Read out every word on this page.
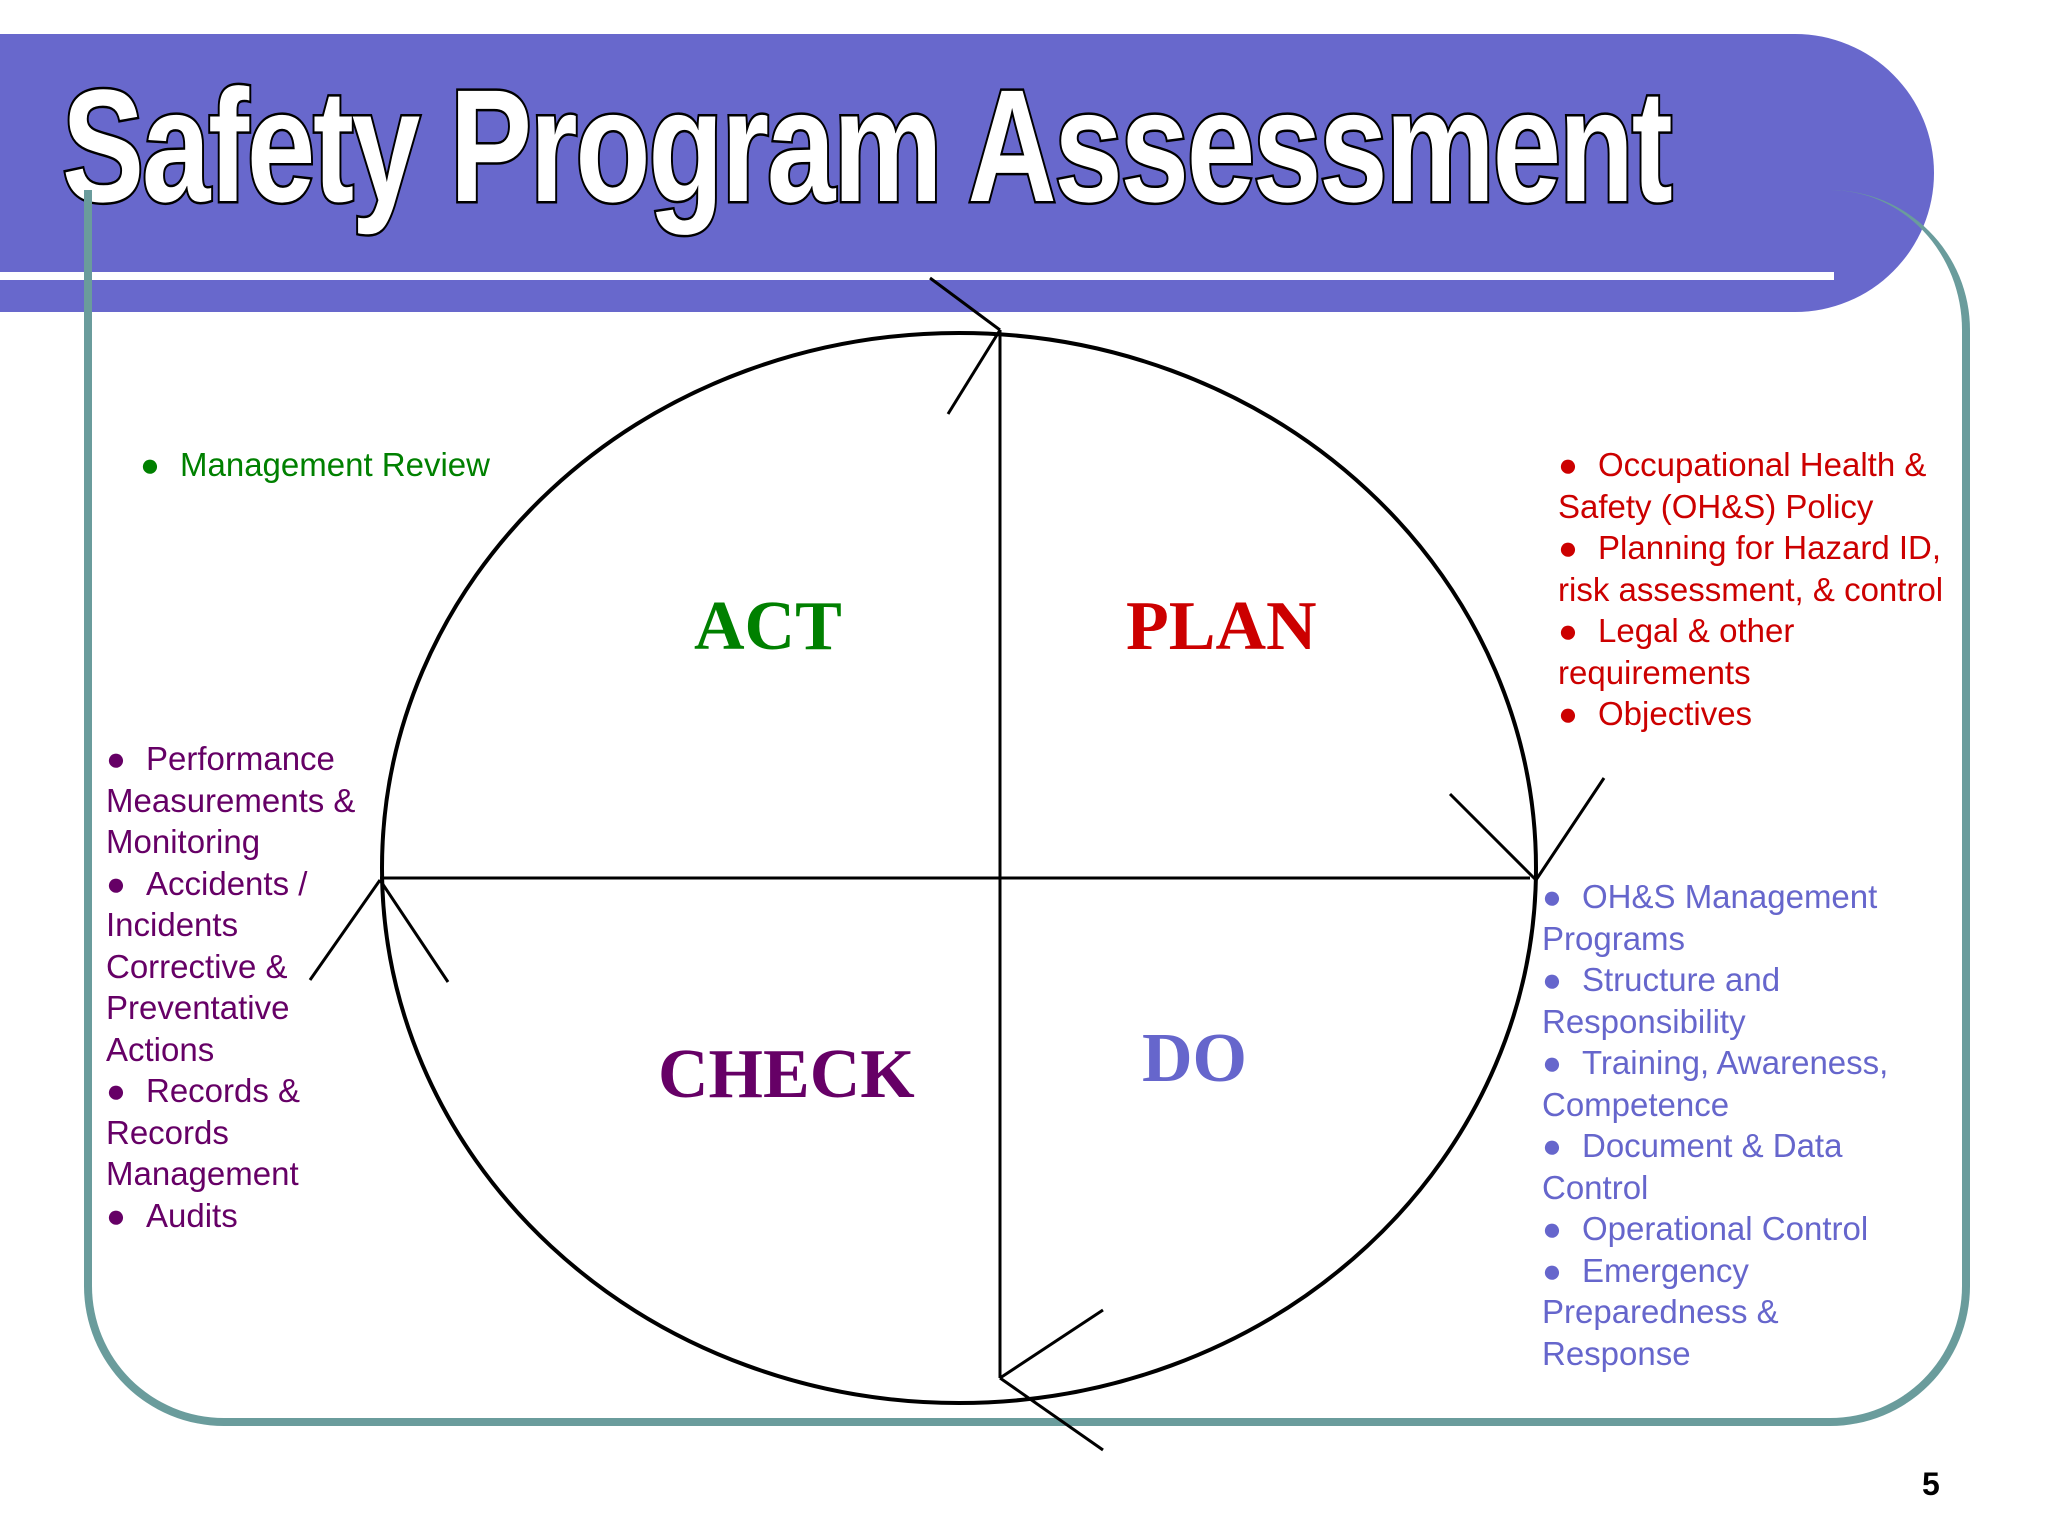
Safety Program Assessment
ACT	PLAN
CHECK	DO
● Management Review	● Occupational Health & Safety (OH&S) Policy
● Planning for Hazard ID, risk assessment, & control
● Legal & other requirements
● Objectives
● Performance Measurements & Monitoring
● Accidents / Incidents Corrective & Preventative Actions
● Records & Records Management
● Audits
● OH&S Management Programs
● Structure and Responsibility
● Training, Awareness, Competence
● Document & Data Control
● Operational Control
● Emergency Preparedness & Response
5
